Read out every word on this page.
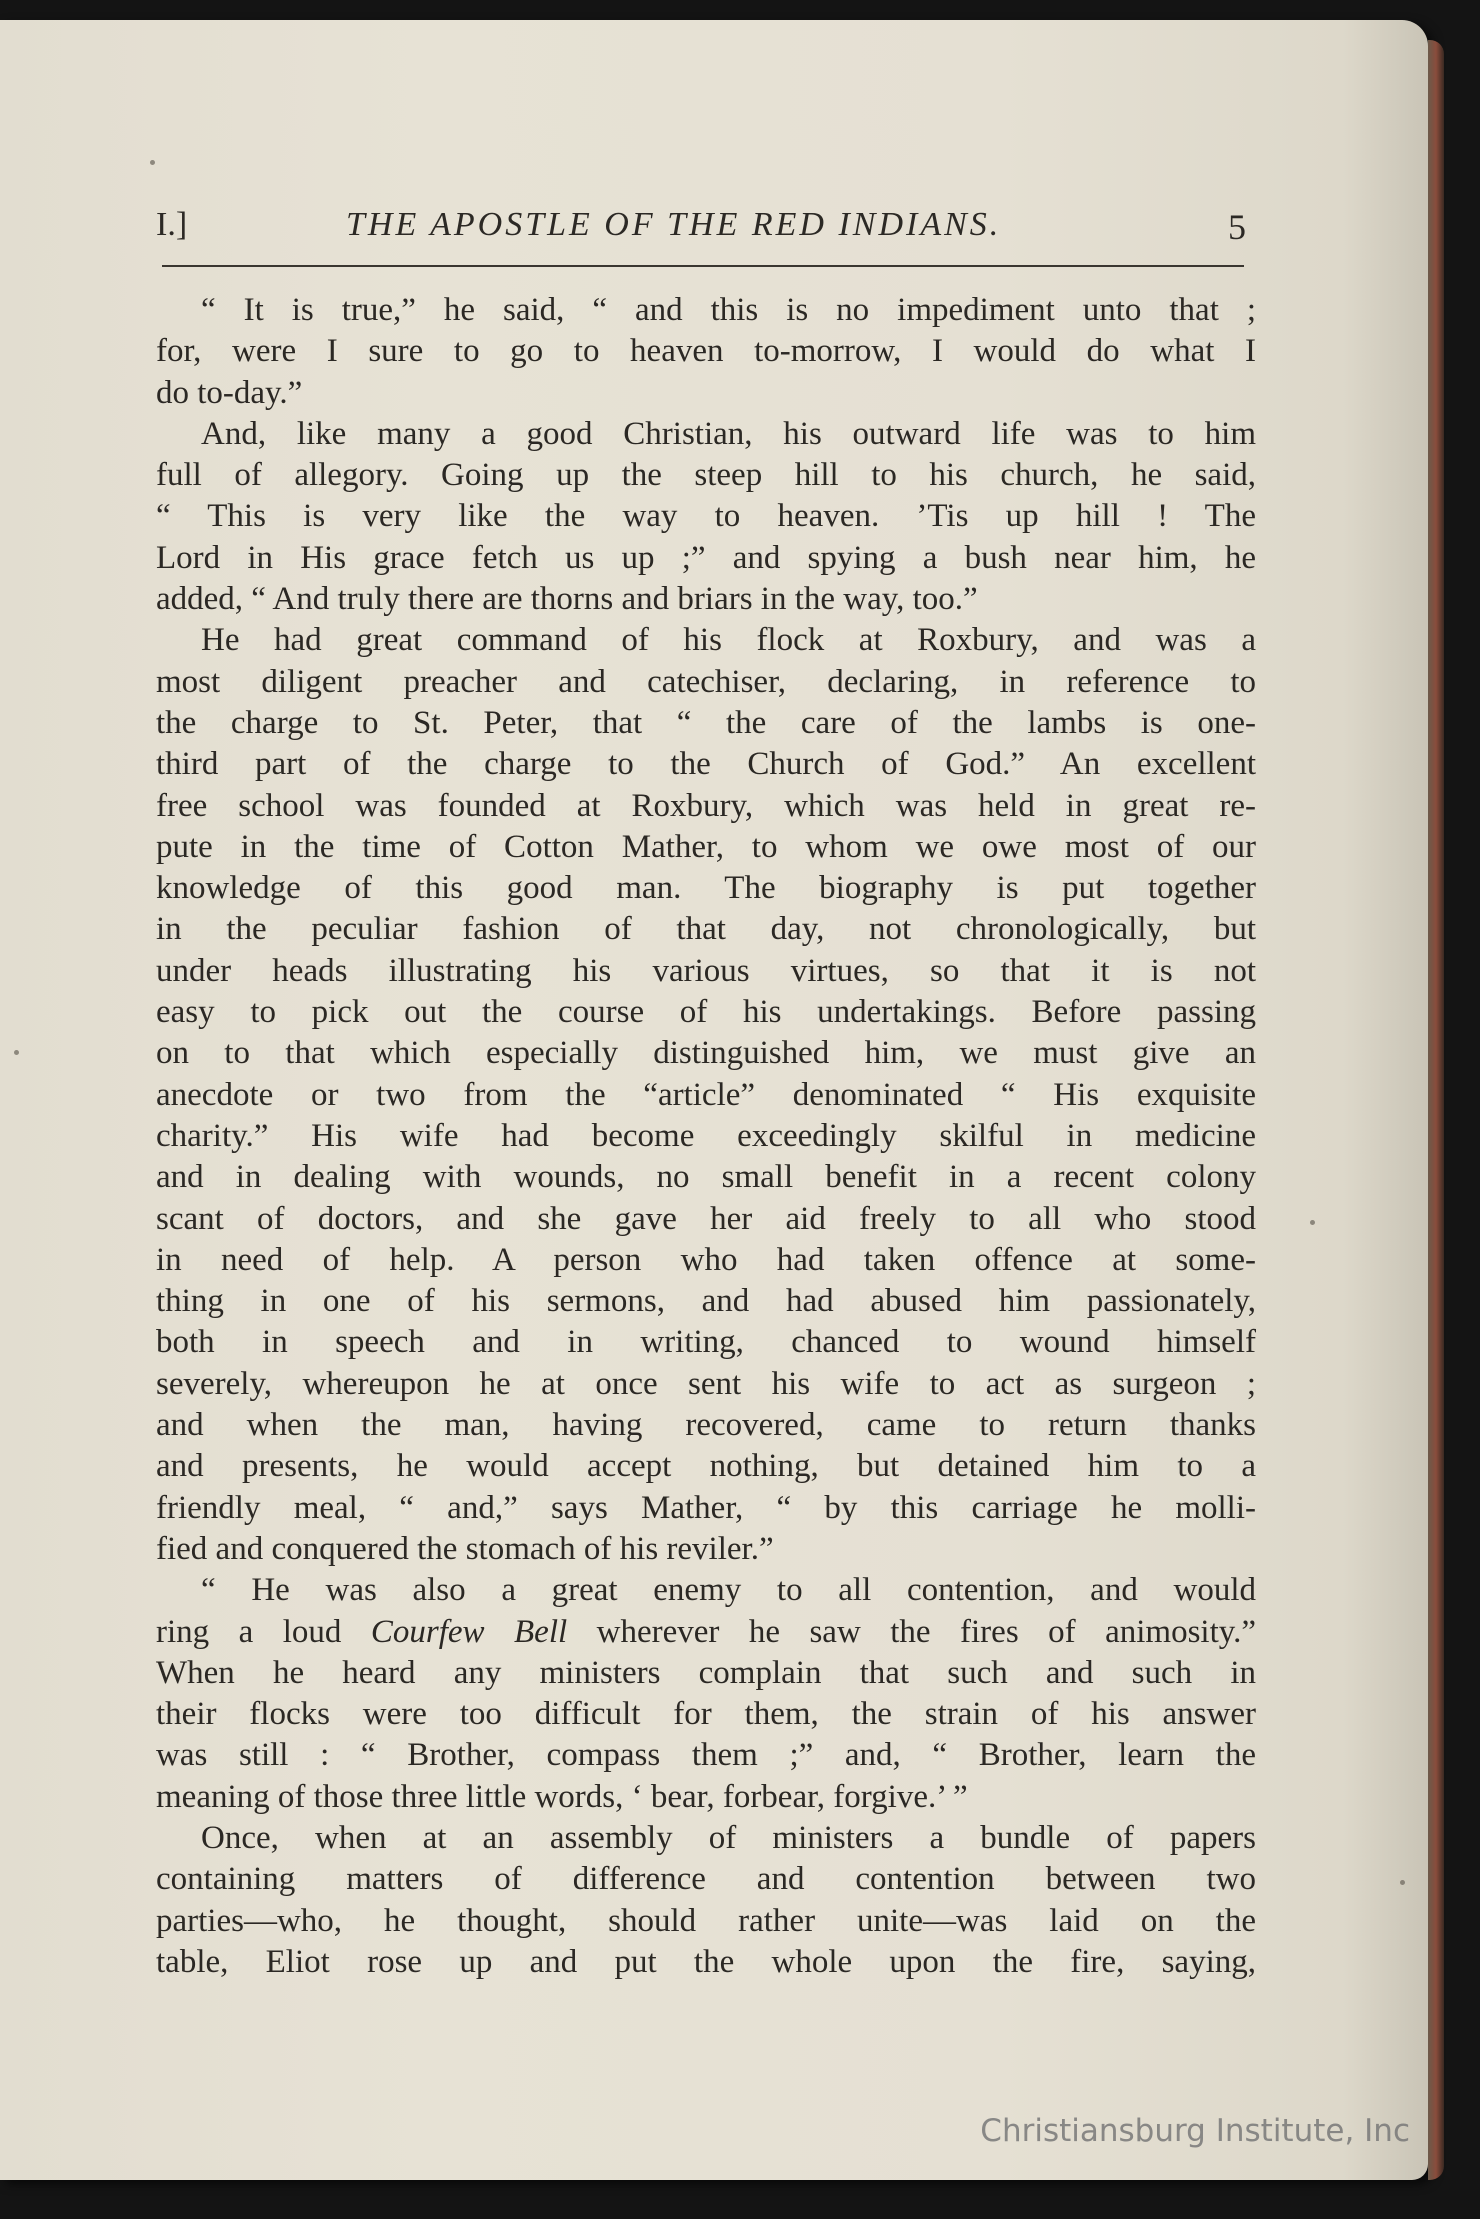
I.]	THE APOSTLE OF THE RED INDIANS.	5

“ It is true,” he said, “ and this is no impediment unto that ;
for, were I sure to go to heaven to-morrow, I would do what I
do to-day.”

And, like many a good Christian, his outward life was to him
full of allegory. Going up the steep hill to his church, he said,
“ This is very like the way to heaven. ’Tis up hill ! The
Lord in His grace fetch us up ;” and spying a bush near him, he
added, “ And truly there are thorns and briars in the way, too.”

He had great command of his flock at Roxbury, and was a
most diligent preacher and catechiser, declaring, in reference to
the charge to St. Peter, that “ the care of the lambs is one-
third part of the charge to the Church of God.” An excellent
free school was founded at Roxbury, which was held in great re-
pute in the time of Cotton Mather, to whom we owe most of our
knowledge of this good man. The biography is put together
in the peculiar fashion of that day, not chronologically, but
under heads illustrating his various virtues, so that it is not
easy to pick out the course of his undertakings. Before passing
on to that which especially distinguished him, we must give an
anecdote or two from the “article” denominated “ His exquisite
charity.” His wife had become exceedingly skilful in medicine
and in dealing with wounds, no small benefit in a recent colony
scant of doctors, and she gave her aid freely to all who stood
in need of help. A person who had taken offence at some-
thing in one of his sermons, and had abused him passionately,
both in speech and in writing, chanced to wound himself
severely, whereupon he at once sent his wife to act as surgeon ;
and when the man, having recovered, came to return thanks
and presents, he would accept nothing, but detained him to a
friendly meal, “ and,” says Mather, “ by this carriage he molli-
fied and conquered the stomach of his reviler.”

“ He was also a great enemy to all contention, and would
ring a loud Courfew Bell wherever he saw the fires of animosity.”
When he heard any ministers complain that such and such in
their flocks were too difficult for them, the strain of his answer
was still : “ Brother, compass them ;” and, “ Brother, learn the
meaning of those three little words, ‘ bear, forbear, forgive.’ ”

Once, when at an assembly of ministers a bundle of papers
containing matters of difference and contention between two
parties—who, he thought, should rather unite—was laid on the
table, Eliot rose up and put the whole upon the fire, saying,

Christiansburg Institute, Inc
